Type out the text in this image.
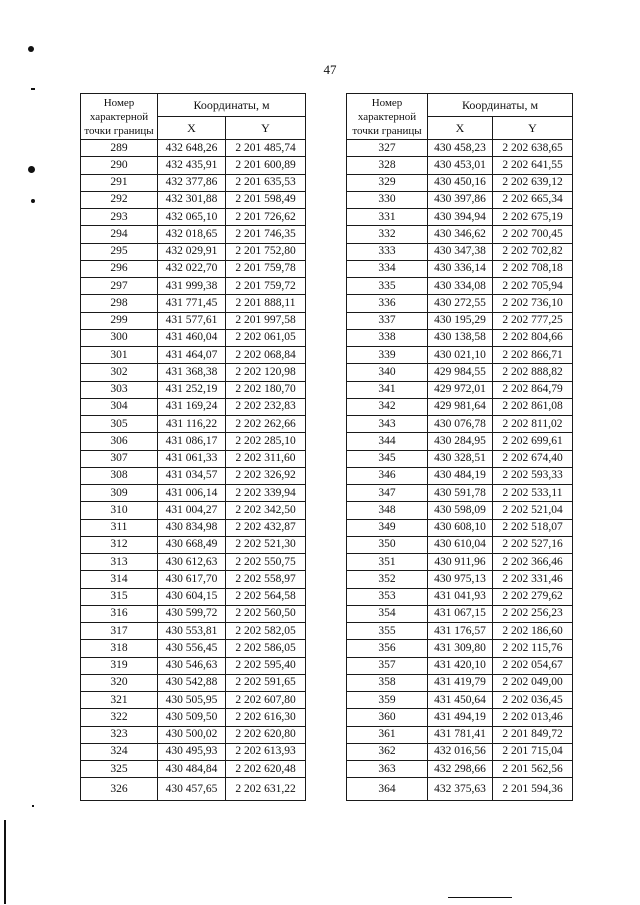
47
Номер
характерной
точки границы	Координаты, м	
	X	Y
289	432 648,26	2 201 485,74
290	432 435,91	2 201 600,89
291	432 377,86	2 201 635,53
292	432 301,88	2 201 598,49
293	432 065,10	2 201 726,62
294	432 018,65	2 201 746,35
295	432 029,91	2 201 752,80
296	432 022,70	2 201 759,78
297	431 999,38	2 201 759,72
298	431 771,45	2 201 888,11
299	431 577,61	2 201 997,58
300	431 460,04	2 202 061,05
301	431 464,07	2 202 068,84
302	431 368,38	2 202 120,98
303	431 252,19	2 202 180,70
304	431 169,24	2 202 232,83
305	431 116,22	2 202 262,66
306	431 086,17	2 202 285,10
307	431 061,33	2 202 311,60
308	431 034,57	2 202 326,92
309	431 006,14	2 202 339,94
310	431 004,27	2 202 342,50
311	430 834,98	2 202 432,87
312	430 668,49	2 202 521,30
313	430 612,63	2 202 550,75
314	430 617,70	2 202 558,97
315	430 604,15	2 202 564,58
316	430 599,72	2 202 560,50
317	430 553,81	2 202 582,05
318	430 556,45	2 202 586,05
319	430 546,63	2 202 595,40
320	430 542,88	2 202 591,65
321	430 505,95	2 202 607,80
322	430 509,50	2 202 616,30
323	430 500,02	2 202 620,80
324	430 495,93	2 202 613,93
325	430 484,84	2 202 620,48
326	430 457,65	2 202 631,22
Номер
характерной
точки границы	Координаты, м	
	X	Y
327	430 458,23	2 202 638,65
328	430 453,01	2 202 641,55
329	430 450,16	2 202 639,12
330	430 397,86	2 202 665,34
331	430 394,94	2 202 675,19
332	430 346,62	2 202 700,45
333	430 347,38	2 202 702,82
334	430 336,14	2 202 708,18
335	430 334,08	2 202 705,94
336	430 272,55	2 202 736,10
337	430 195,29	2 202 777,25
338	430 138,58	2 202 804,66
339	430 021,10	2 202 866,71
340	429 984,55	2 202 888,82
341	429 972,01	2 202 864,79
342	429 981,64	2 202 861,08
343	430 076,78	2 202 811,02
344	430 284,95	2 202 699,61
345	430 328,51	2 202 674,40
346	430 484,19	2 202 593,33
347	430 591,78	2 202 533,11
348	430 598,09	2 202 521,04
349	430 608,10	2 202 518,07
350	430 610,04	2 202 527,16
351	430 911,96	2 202 366,46
352	430 975,13	2 202 331,46
353	431 041,93	2 202 279,62
354	431 067,15	2 202 256,23
355	431 176,57	2 202 186,60
356	431 309,80	2 202 115,76
357	431 420,10	2 202 054,67
358	431 419,79	2 202 049,00
359	431 450,64	2 202 036,45
360	431 494,19	2 202 013,46
361	431 781,41	2 201 849,72
362	432 016,56	2 201 715,04
363	432 298,66	2 201 562,56
364	432 375,63	2 201 594,36
